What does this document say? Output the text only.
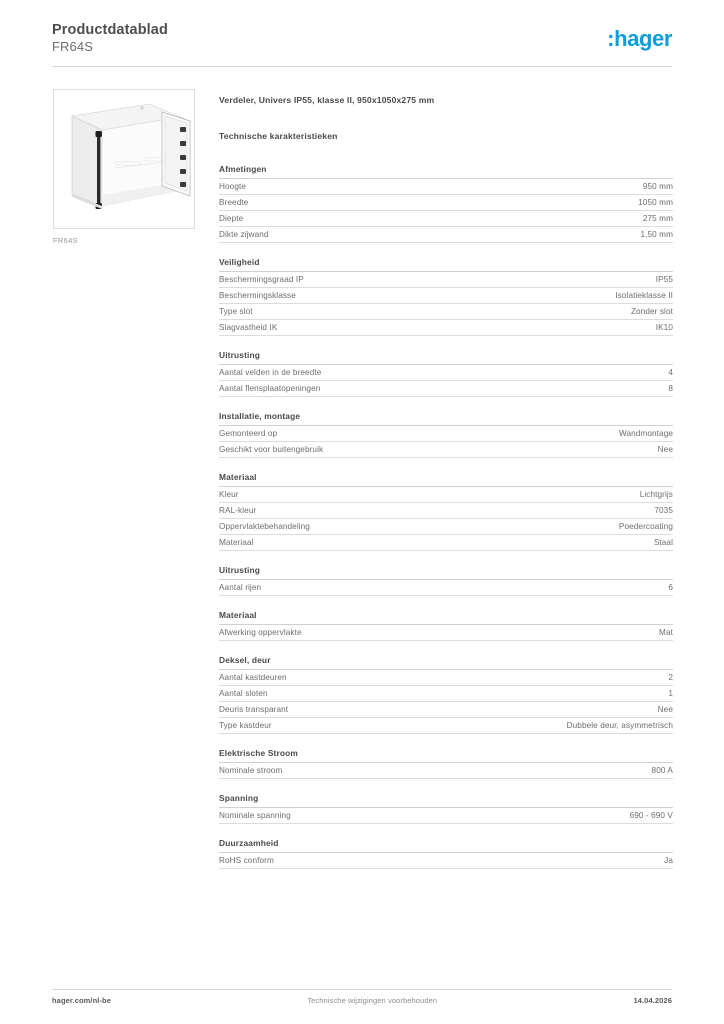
Productdatablad
FR64S	:hager
FR64S
Verdeler, Univers IP55, klasse II, 950x1050x275 mm
Technische karakteristieken
Afmetingen
Hoogte	950 mm
Breedte	1050 mm
Diepte	275 mm
Dikte zijwand	1,50 mm
Veiligheid
Beschermingsgraad IP	IP55
Beschermingsklasse	Isolatieklasse II
Type slot	Zonder slot
Slagvastheid IK	IK10
Uitrusting
Aantal velden in de breedte	4
Aantal flensplaatopeningen	8
Installatie, montage
Gemonteerd op	Wandmontage
Geschikt voor buitengebruik	Nee
Materiaal
Kleur	Lichtgrijs
RAL-kleur	7035
Oppervlaktebehandeling	Poedercoating
Materiaal	Staal
Uitrusting
Aantal rijen	6
Materiaal
Afwerking oppervlakte	Mat
Deksel, deur
Aantal kastdeuren	2
Aantal sloten	1
Deuris transparant	Nee
Type kastdeur	Dubbele deur, asymmetrisch
Elektrische Stroom
Nominale stroom	800 A
Spanning
Nominale spanning	690 - 690 V
Duurzaamheid
RoHS conform	Ja
hager.com/nl-be	Technische wijzigingen voorbehouden	14.04.2026
